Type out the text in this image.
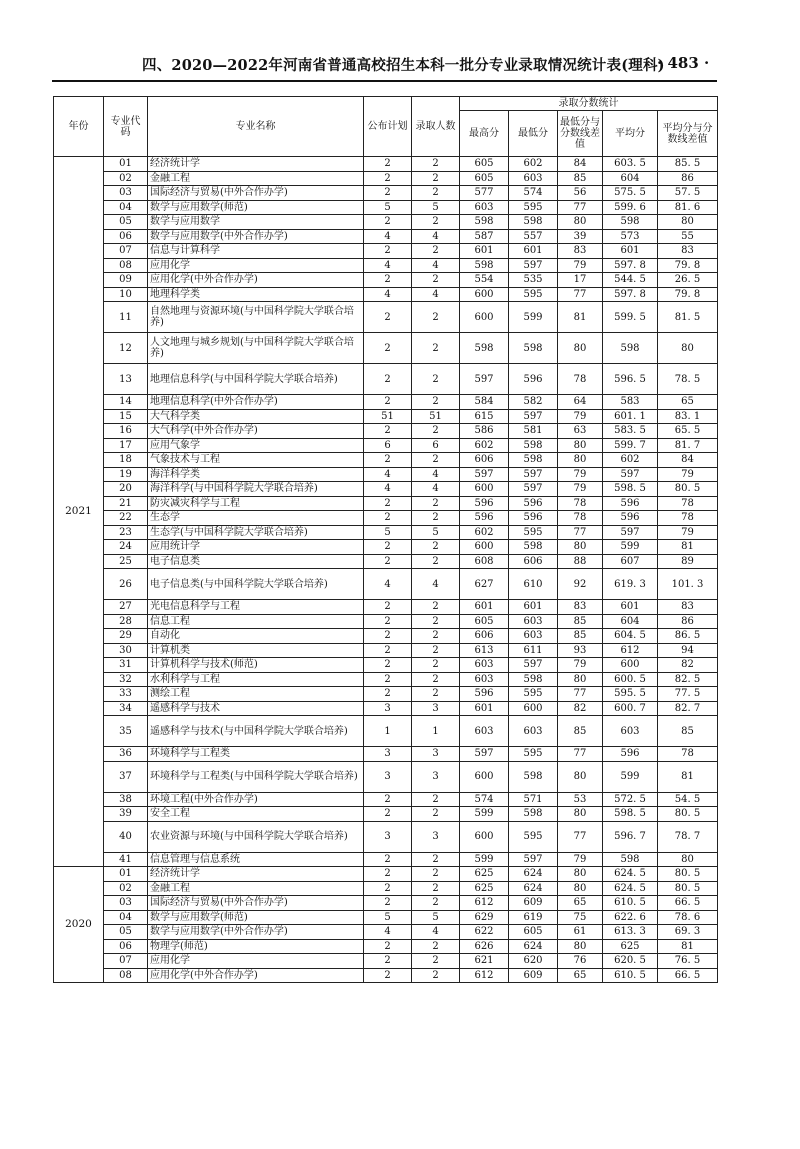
四、2020—2022年河南省普通高校招生本科一批分专业录取情况统计表(理科)
· 483 ·
年份	专业代码	专业名称	公布计划	录取人数	录取分数统计				
					最高分	最低分	最低分与分数线差值	平均分	平均分与分数线差值
2021	01	经济统计学	2	2	605	602	84	603. 5	85. 5
	02	金融工程	2	2	605	603	85	604	86
	03	国际经济与贸易(中外合作办学)	2	2	577	574	56	575. 5	57. 5
	04	数学与应用数学(师范)	5	5	603	595	77	599. 6	81. 6
	05	数学与应用数学	2	2	598	598	80	598	80
	06	数学与应用数学(中外合作办学)	4	4	587	557	39	573	55
	07	信息与计算科学	2	2	601	601	83	601	83
	08	应用化学	4	4	598	597	79	597. 8	79. 8
	09	应用化学(中外合作办学)	2	2	554	535	17	544. 5	26. 5
	10	地理科学类	4	4	600	595	77	597. 8	79. 8
	11	自然地理与资源环境(与中国科学院大学联合培养)	2	2	600	599	81	599. 5	81. 5
	12	人文地理与城乡规划(与中国科学院大学联合培养)	2	2	598	598	80	598	80
	13	地理信息科学(与中国科学院大学联合培养)	2	2	597	596	78	596. 5	78. 5
	14	地理信息科学(中外合作办学)	2	2	584	582	64	583	65
	15	大气科学类	51	51	615	597	79	601. 1	83. 1
	16	大气科学(中外合作办学)	2	2	586	581	63	583. 5	65. 5
	17	应用气象学	6	6	602	598	80	599. 7	81. 7
	18	气象技术与工程	2	2	606	598	80	602	84
	19	海洋科学类	4	4	597	597	79	597	79
	20	海洋科学(与中国科学院大学联合培养)	4	4	600	597	79	598. 5	80. 5
	21	防灾减灾科学与工程	2	2	596	596	78	596	78
	22	生态学	2	2	596	596	78	596	78
	23	生态学(与中国科学院大学联合培养)	5	5	602	595	77	597	79
	24	应用统计学	2	2	600	598	80	599	81
	25	电子信息类	2	2	608	606	88	607	89
	26	电子信息类(与中国科学院大学联合培养)	4	4	627	610	92	619. 3	101. 3
	27	光电信息科学与工程	2	2	601	601	83	601	83
	28	信息工程	2	2	605	603	85	604	86
	29	自动化	2	2	606	603	85	604. 5	86. 5
	30	计算机类	2	2	613	611	93	612	94
	31	计算机科学与技术(师范)	2	2	603	597	79	600	82
	32	水利科学与工程	2	2	603	598	80	600. 5	82. 5
	33	测绘工程	2	2	596	595	77	595. 5	77. 5
	34	遥感科学与技术	3	3	601	600	82	600. 7	82. 7
	35	遥感科学与技术(与中国科学院大学联合培养)	1	1	603	603	85	603	85
	36	环境科学与工程类	3	3	597	595	77	596	78
	37	环境科学与工程类(与中国科学院大学联合培养)	3	3	600	598	80	599	81
	38	环境工程(中外合作办学)	2	2	574	571	53	572. 5	54. 5
	39	安全工程	2	2	599	598	80	598. 5	80. 5
	40	农业资源与环境(与中国科学院大学联合培养)	3	3	600	595	77	596. 7	78. 7
	41	信息管理与信息系统	2	2	599	597	79	598	80
2020	01	经济统计学	2	2	625	624	80	624. 5	80. 5
	02	金融工程	2	2	625	624	80	624. 5	80. 5
	03	国际经济与贸易(中外合作办学)	2	2	612	609	65	610. 5	66. 5
	04	数学与应用数学(师范)	5	5	629	619	75	622. 6	78. 6
	05	数学与应用数学(中外合作办学)	4	4	622	605	61	613. 3	69. 3
	06	物理学(师范)	2	2	626	624	80	625	81
	07	应用化学	2	2	621	620	76	620. 5	76. 5
	08	应用化学(中外合作办学)	2	2	612	609	65	610. 5	66. 5
